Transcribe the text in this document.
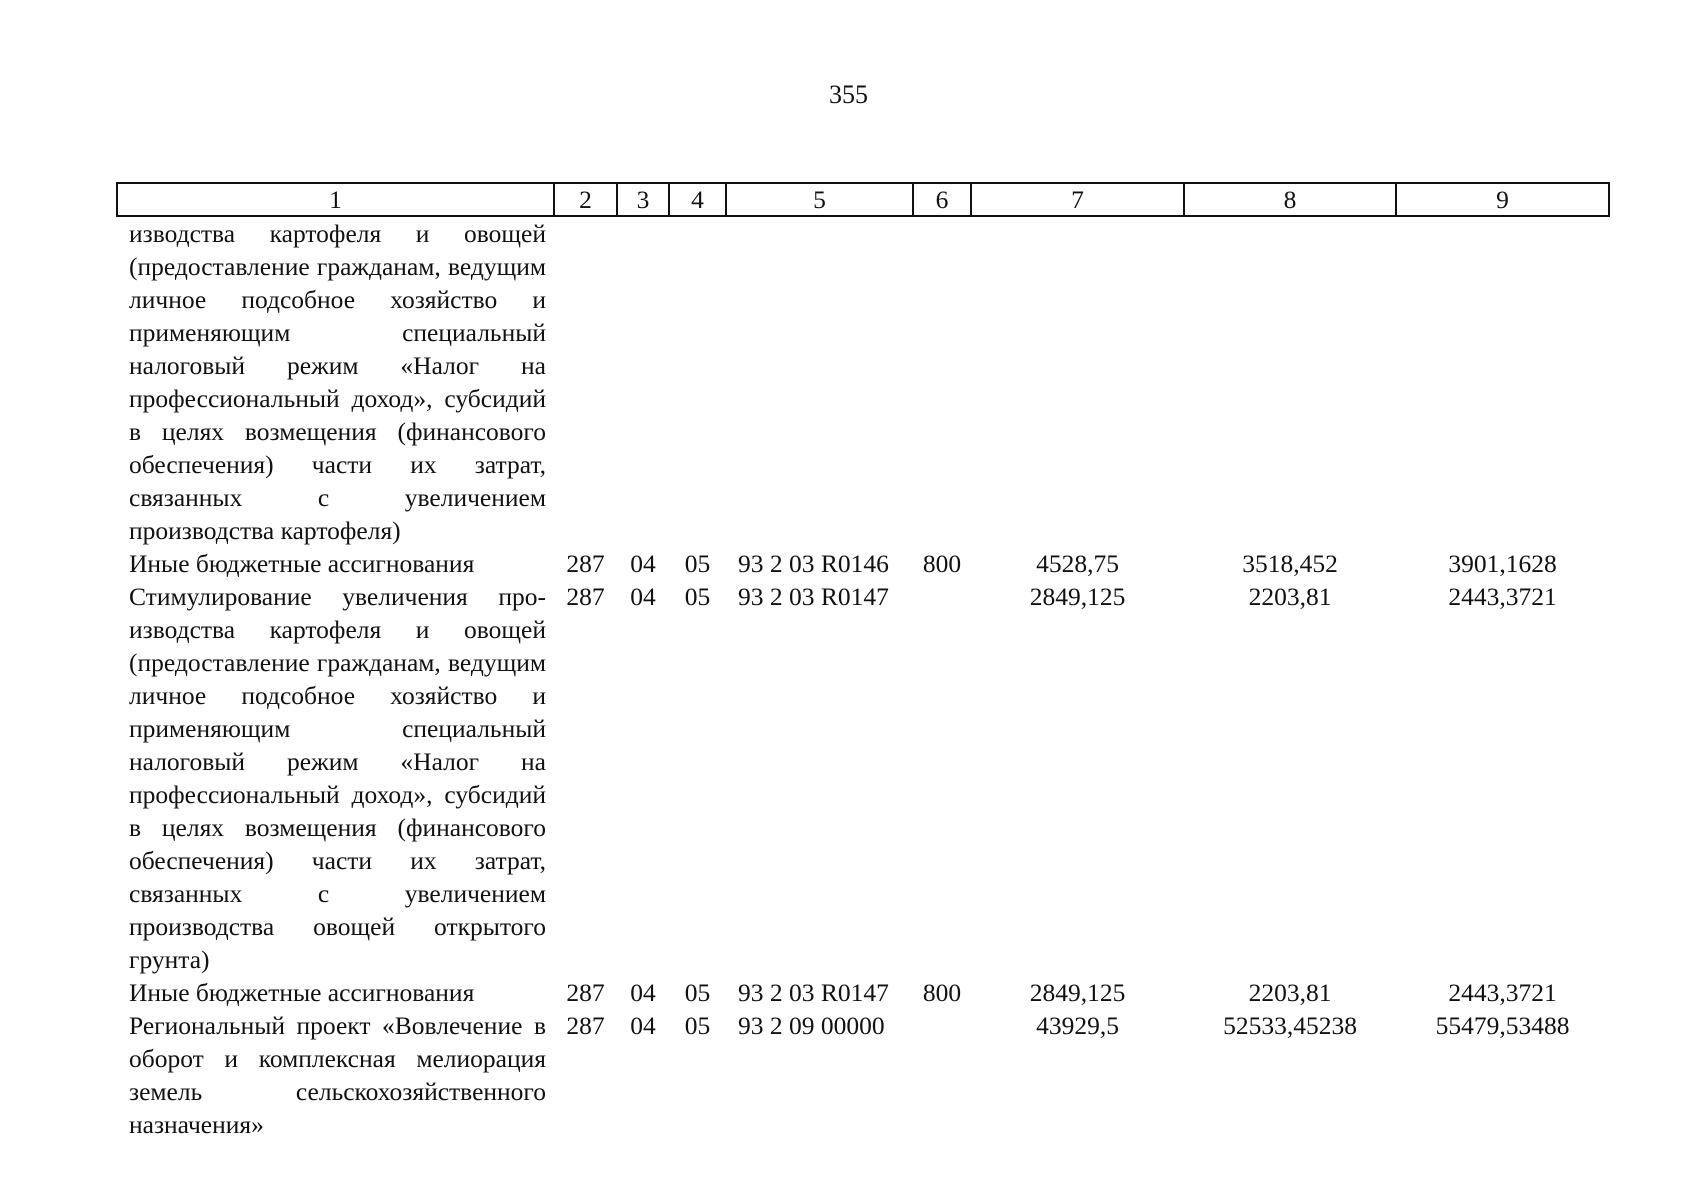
355
1	2	3	4	5	6	7	8	9
изводства картофеля и овощей (предоставление гражданам, ведущим личное подсобное хозяйство и применяющим специальный налоговый режим «Налог на профессиональный доход», субсидий в целях возмещения (финансового обеспечения) части их затрат, связанных с увеличением производства картофеля)								
Иные бюджетные ассигнования	287	04	05	93 2 03 R0146	800	4528,75	3518,452	3901,1628
Стимулирование увеличения производства картофеля и овощей (предоставление гражданам, ведущим личное подсобное хозяйство и применяющим специальный налоговый режим «Налог на профессиональный доход», субсидий в целях возмещения (финансового обеспечения) части их затрат, связанных с увеличением производства овощей открытого грунта)	287	04	05	93 2 03 R0147		2849,125	2203,81	2443,3721
Иные бюджетные ассигнования	287	04	05	93 2 03 R0147	800	2849,125	2203,81	2443,3721
Региональный проект «Вовлечение в оборот и комплексная мелиорация земель сельскохозяйственного назначения»	287	04	05	93 2 09 00000		43929,5	52533,45238	55479,53488
